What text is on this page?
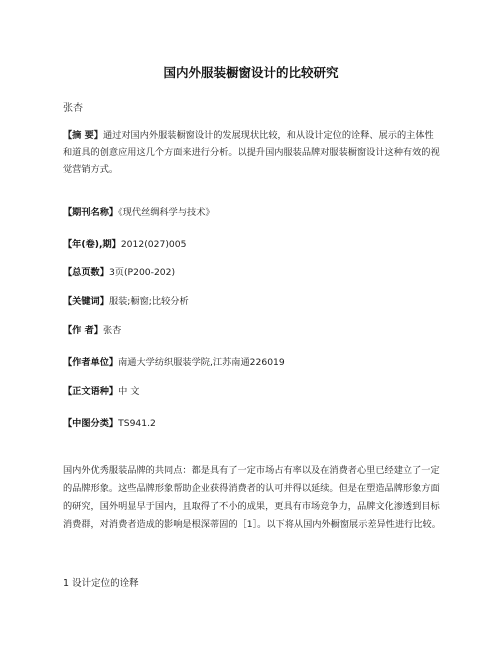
国内外服装橱窗设计的比较研究
张杏
【摘 要】通过对国内外服装橱窗设计的发展现状比较，和从设计定位的诠释、展示的主体性和道具的创意应用这几个方面来进行分析。以提升国内服装品牌对服装橱窗设计这种有效的视觉营销方式。
【期刊名称】《现代丝绸科学与技术》
【年(卷),期】2012(027)005
【总页数】3页(P200-202)
【关键词】服装;橱窗;比较分析
【作 者】张杏
【作者单位】南通大学纺织服装学院,江苏南通226019
【正文语种】中 文
【中图分类】TS941.2
国内外优秀服装品牌的共同点：都是具有了一定市场占有率以及在消费者心里已经建立了一定的品牌形象。这些品牌形象帮助企业获得消费者的认可并得以延续。但是在塑造品牌形象方面的研究，国外明显早于国内，且取得了不小的成果，更具有市场竞争力，品牌文化渗透到目标消费群，对消费者造成的影响是根深蒂固的［1］。以下将从国内外橱窗展示差异性进行比较。
1 设计定位的诠释
